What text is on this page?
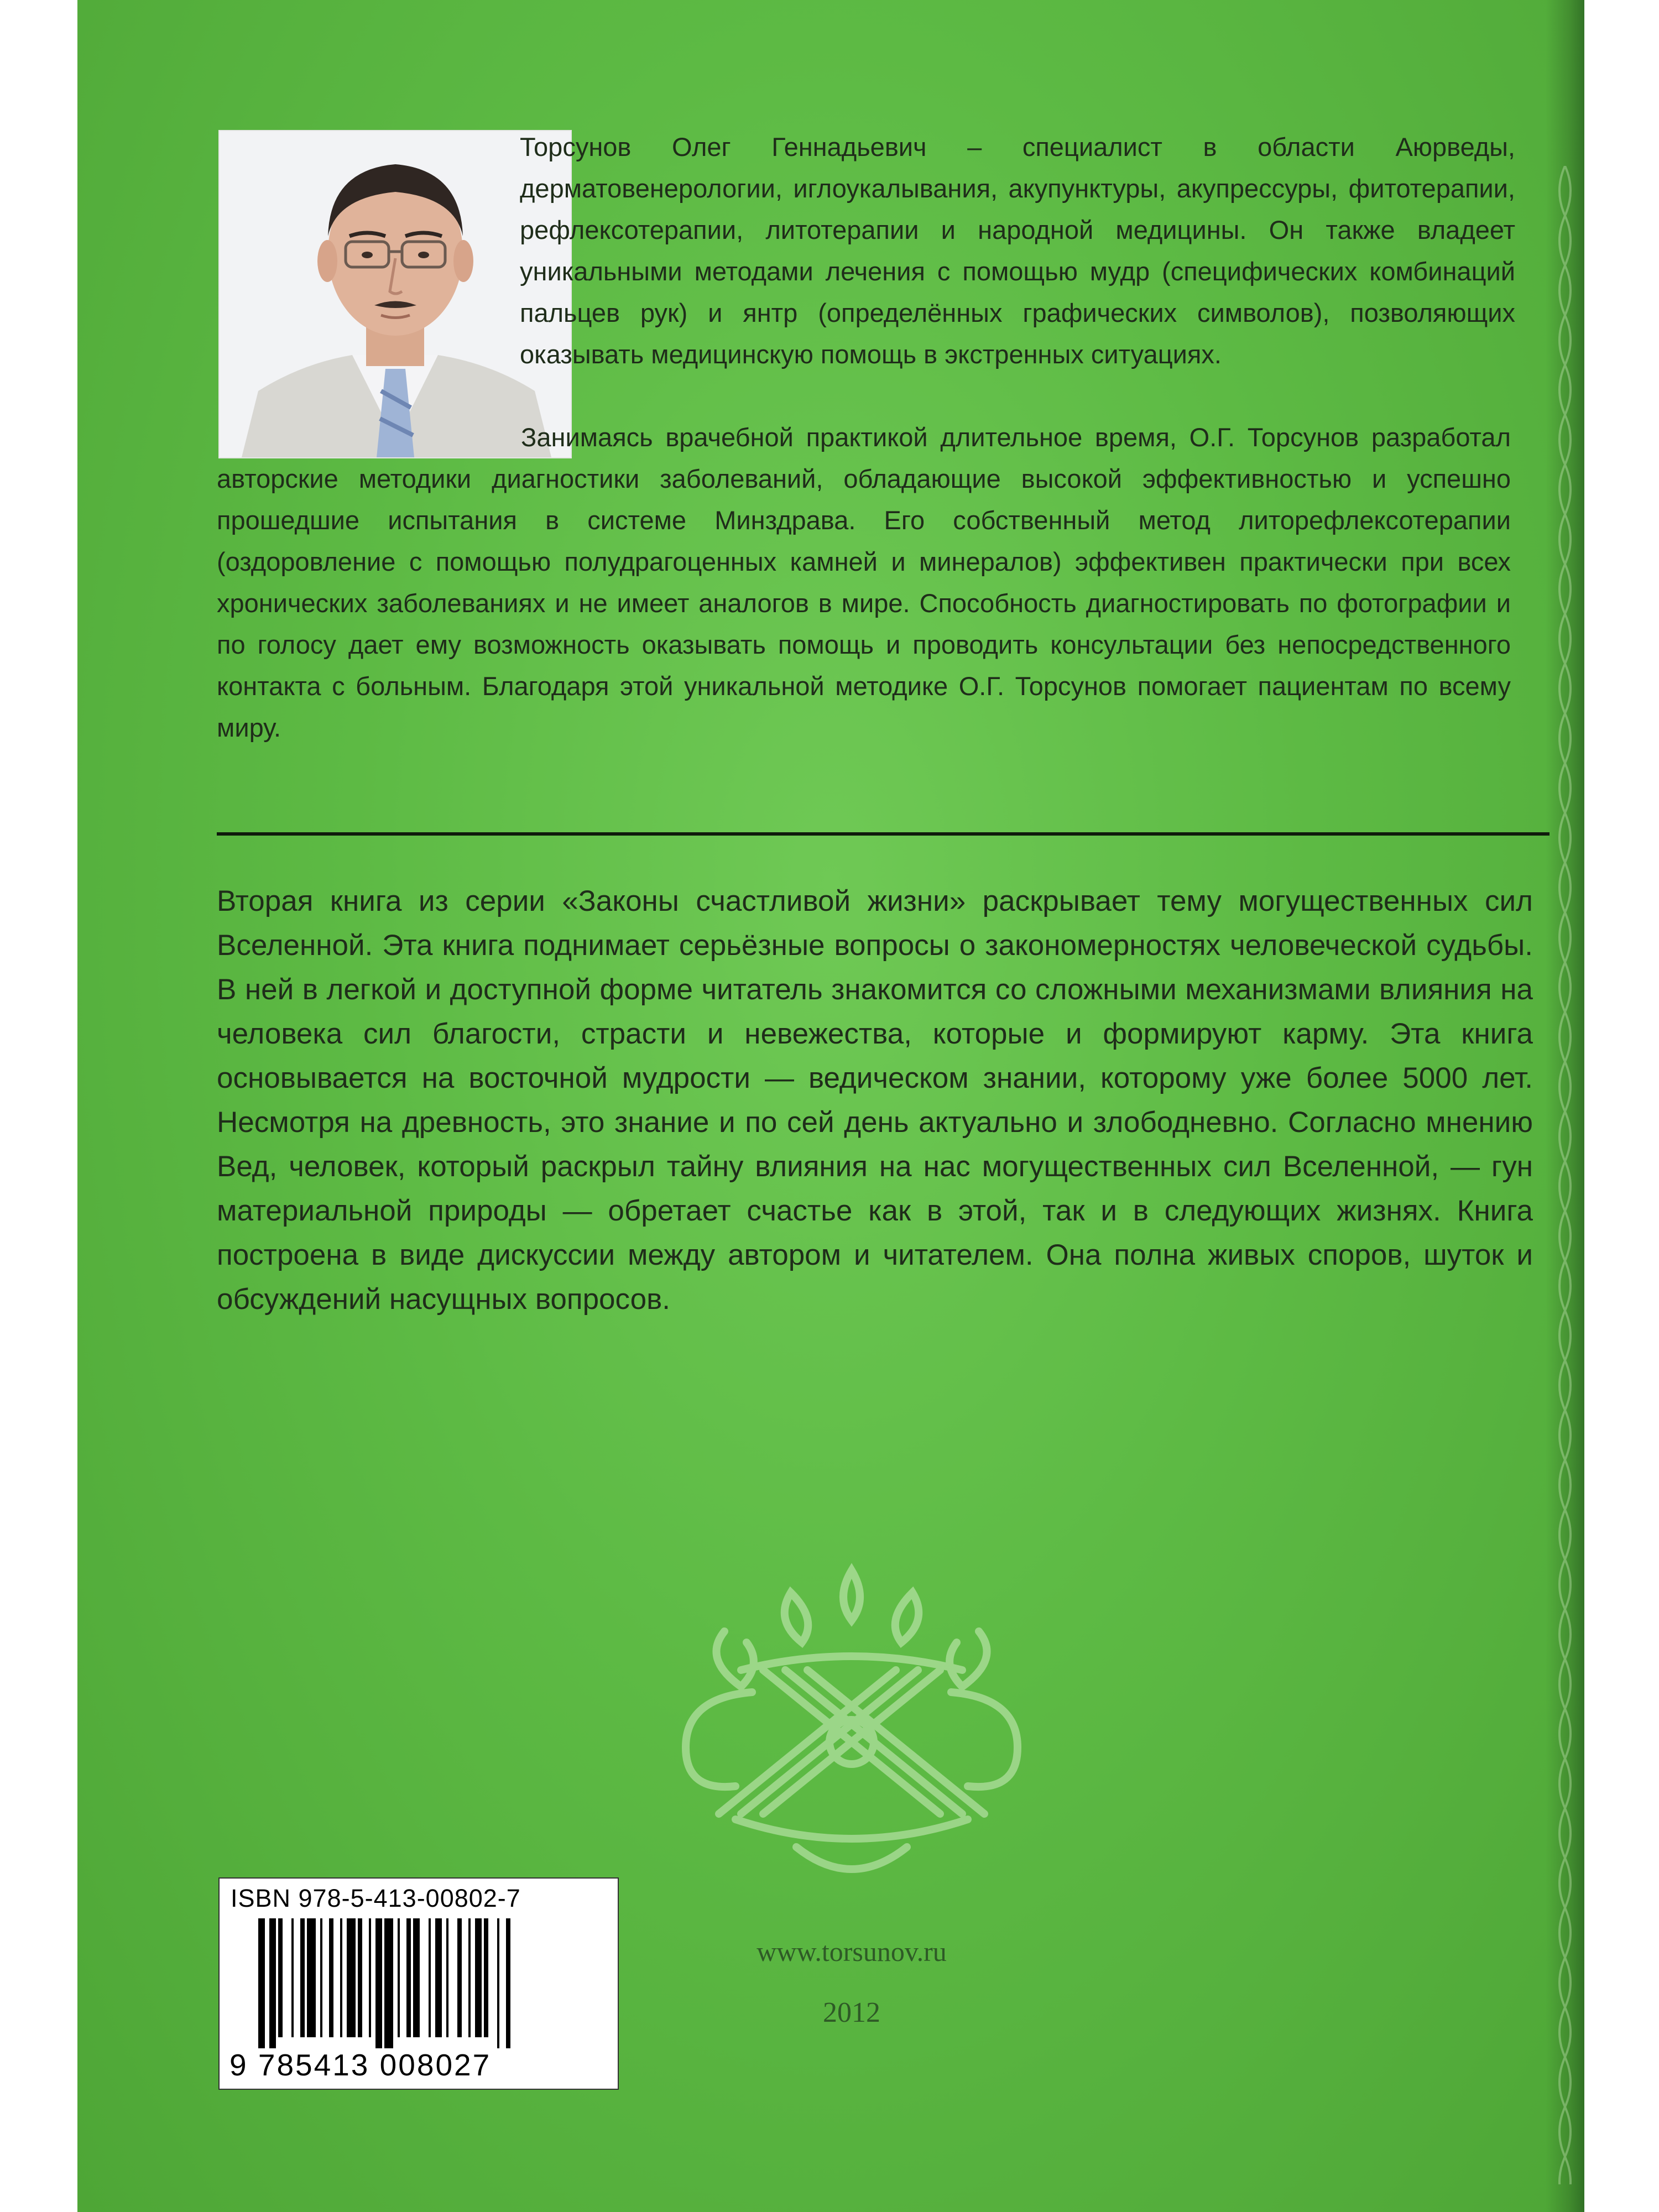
Торсунов Олег Геннадьевич – специалист в области Аюрведы, дерматовенерологии, иглоукалывания, акупунктуры, акупрессуры, фитотерапии, рефлексотерапии, литотерапии и народной медицины. Он также владеет уникальными методами лечения с помощью мудр (специфических комбинаций пальцев рук) и янтр (определённых графических символов), позволяющих оказывать медицинскую помощь в экстренных ситуациях.
Занимаясь врачебной практикой длительное время, О.Г. Торсунов разработал авторские методики диагностики заболеваний, обладающие высокой эффективностью и успешно прошедшие испытания в системе Минздрава. Его собственный метод литорефлексотерапии (оздоровление с помощью полудрагоценных камней и минералов) эффективен практически при всех хронических заболеваниях и не имеет аналогов в мире. Способность диагностировать по фотографии и по голосу дает ему возможность оказывать помощь и проводить консультации без непосредственного контакта с больным. Благодаря этой уникальной методике О.Г. Торсунов помогает пациентам по всему миру.
Вторая книга из серии «Законы счастливой жизни» раскрывает тему могущественных сил Вселенной. Эта книга поднимает серьёзные вопросы о закономерностях человеческой судьбы. В ней в легкой и доступной форме читатель знакомится со сложными механизмами влияния на человека сил благости, страсти и невежества, которые и формируют карму. Эта книга основывается на восточной мудрости — ведическом знании, которому уже более 5000 лет. Несмотря на древность, это знание и по сей день актуально и злободневно. Согласно мнению Вед, человек, который раскрыл тайну влияния на нас могущественных сил Вселенной, — гун материальной природы — обретает счастье как в этой, так и в следующих жизнях. Книга построена в виде дискуссии между автором и читателем. Она полна живых споров, шуток и обсуждений насущных вопросов.
ISBN 978-5-413-00802-7
9 785413 008027
www.torsunov.ru
2012
